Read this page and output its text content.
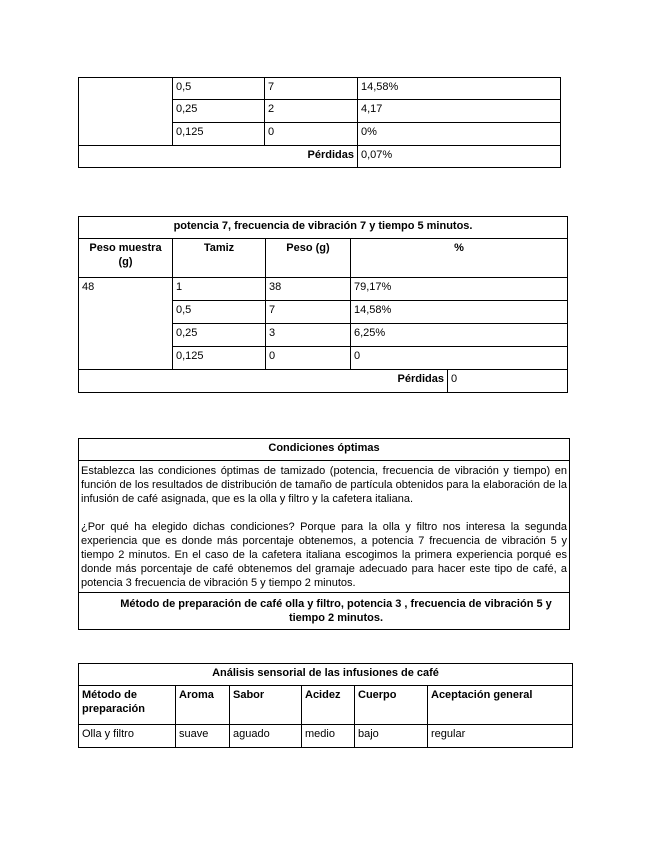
	0,5	7	14,58%
	0,25	2	4,17
	0,125	0	0%
Pérdidas			0,07%
potencia 7, frecuencia de vibración 7 y tiempo 5 minutos.				
Peso muestra (g)	Tamiz	Peso (g)	%	
48	1	38	79,17%	
	0,5	7	14,58%	
	0,25	3	6,25%	
	0,125	0	0	
Pérdidas				0
Condiciones óptimas

Establezca las condiciones óptimas de tamizado (potencia, frecuencia de vibración y tiempo) en función de los resultados de distribución de tamaño de partícula obtenidos para la elaboración de la infusión de café asignada, que es la olla y filtro y la cafetera italiana.

¿Por qué ha elegido dichas condiciones? Porque para la olla y filtro nos interesa la segunda experiencia que es donde más porcentaje obtenemos, a potencia 7 frecuencia de vibración 5 y tiempo 2 minutos. En el caso de la cafetera italiana escogimos la primera experiencia porqué es donde más porcentaje de café obtenemos del gramaje adecuado para hacer este tipo de café, a potencia 3 frecuencia de vibración 5 y tiempo 2 minutos.

Método de preparación de café olla y filtro, potencia 3 , frecuencia de vibración 5 y tiempo 2 minutos.
Análisis sensorial de las infusiones de café					
Método de preparación	Aroma	Sabor	Acidez	Cuerpo	Aceptación general
Olla y filtro	suave	aguado	medio	bajo	regular
